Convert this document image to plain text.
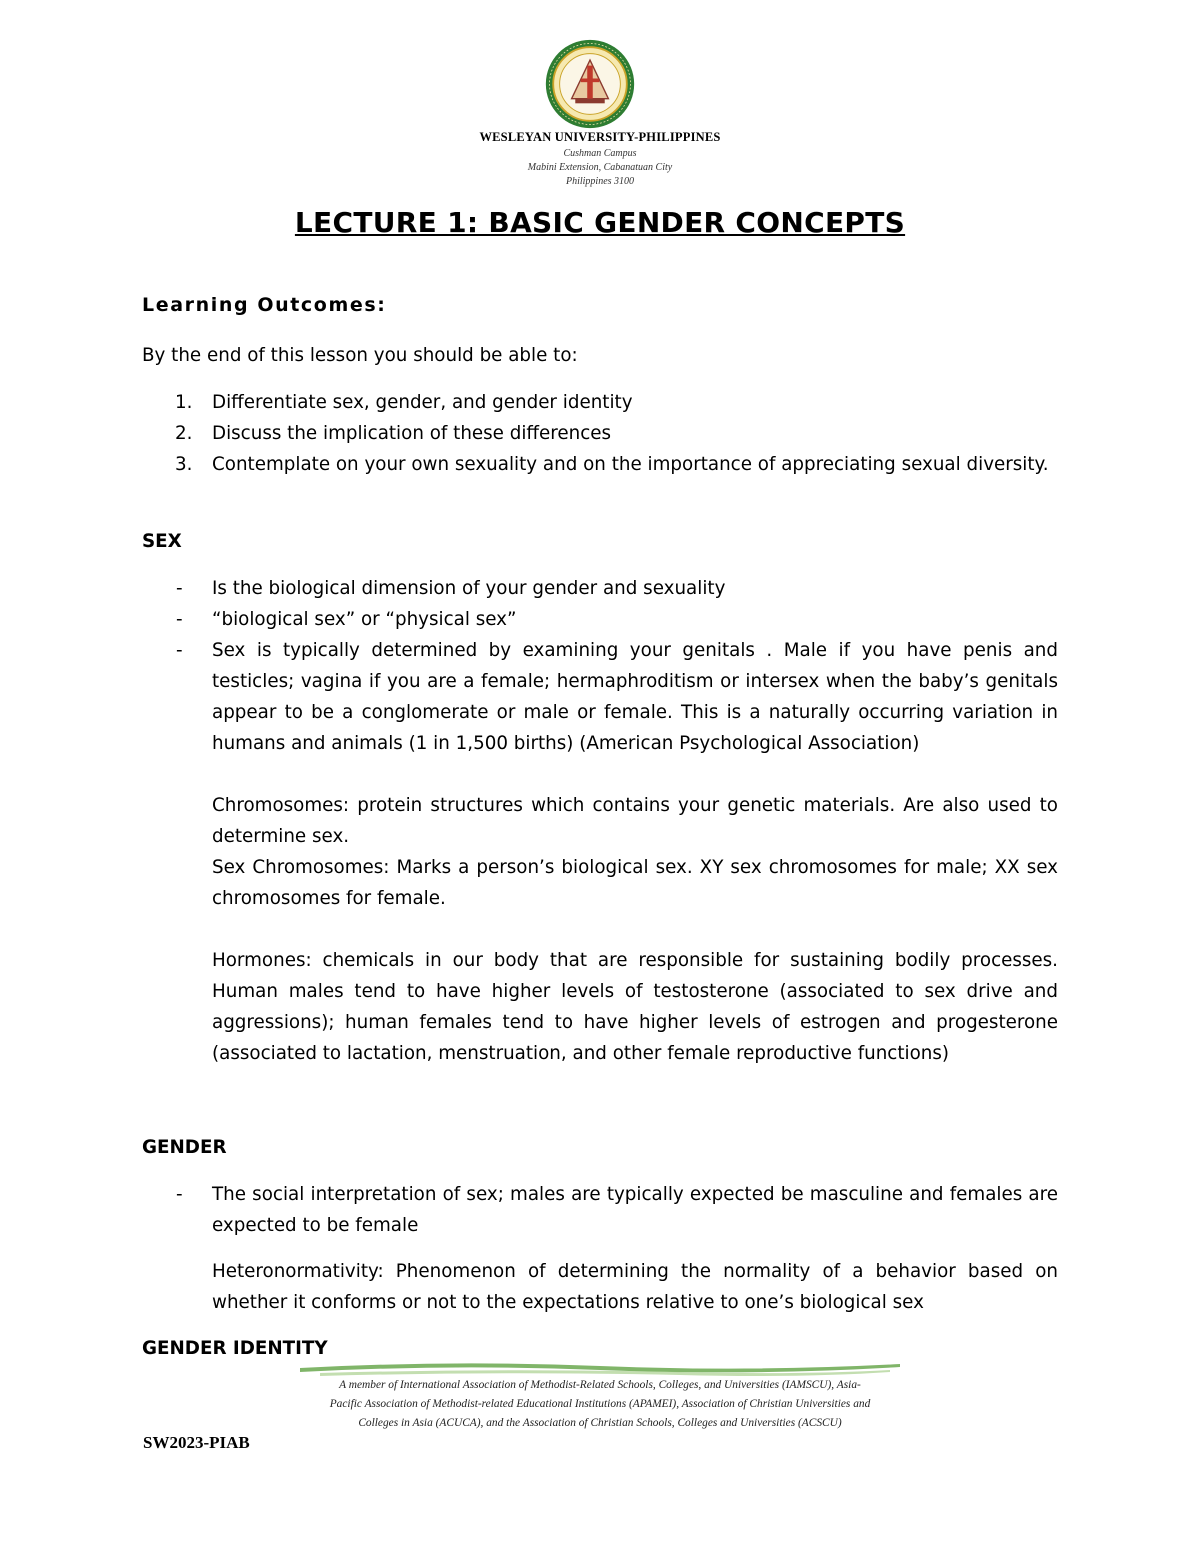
WESLEYAN UNIVERSITY-PHILIPPINES
Cushman Campus
Mabini Extension, Cabanatuan City
Philippines 3100
LECTURE 1: BASIC GENDER CONCEPTS
Learning Outcomes:
By the end of this lesson you should be able to:
1. Differentiate sex, gender, and gender identity
2. Discuss the implication of these differences
3. Contemplate on your own sexuality and on the importance of appreciating sexual diversity.
SEX
- Is the biological dimension of your gender and sexuality
- “biological sex” or “physical sex”
- Sex is typically determined by examining your genitals . Male if you have penis and testicles; vagina if you are a female; hermaphroditism or intersex when the baby’s genitals appear to be a conglomerate or male or female. This is a naturally occurring variation in humans and animals (1 in 1,500 births) (American Psychological Association)
Chromosomes: protein structures which contains your genetic materials. Are also used to determine sex.
Sex Chromosomes: Marks a person’s biological sex. XY sex chromosomes for male; XX sex chromosomes for female.
Hormones: chemicals in our body that are responsible for sustaining bodily processes. Human males tend to have higher levels of testosterone (associated to sex drive and aggressions); human females tend to have higher levels of estrogen and progesterone (associated to lactation, menstruation, and other female reproductive functions)
GENDER
- The social interpretation of sex; males are typically expected be masculine and females are expected to be female
Heteronormativity: Phenomenon of determining the normality of a behavior based on whether it conforms or not to the expectations relative to one’s biological sex
GENDER IDENTITY
A member of International Association of Methodist-Related Schools, Colleges, and Universities (IAMSCU), Asia-
Pacific Association of Methodist-related Educational Institutions (APAMEI), Association of Christian Universities and
Colleges in Asia (ACUCA), and the Association of Christian Schools, Colleges and Universities (ACSCU)
SW2023-PIAB
